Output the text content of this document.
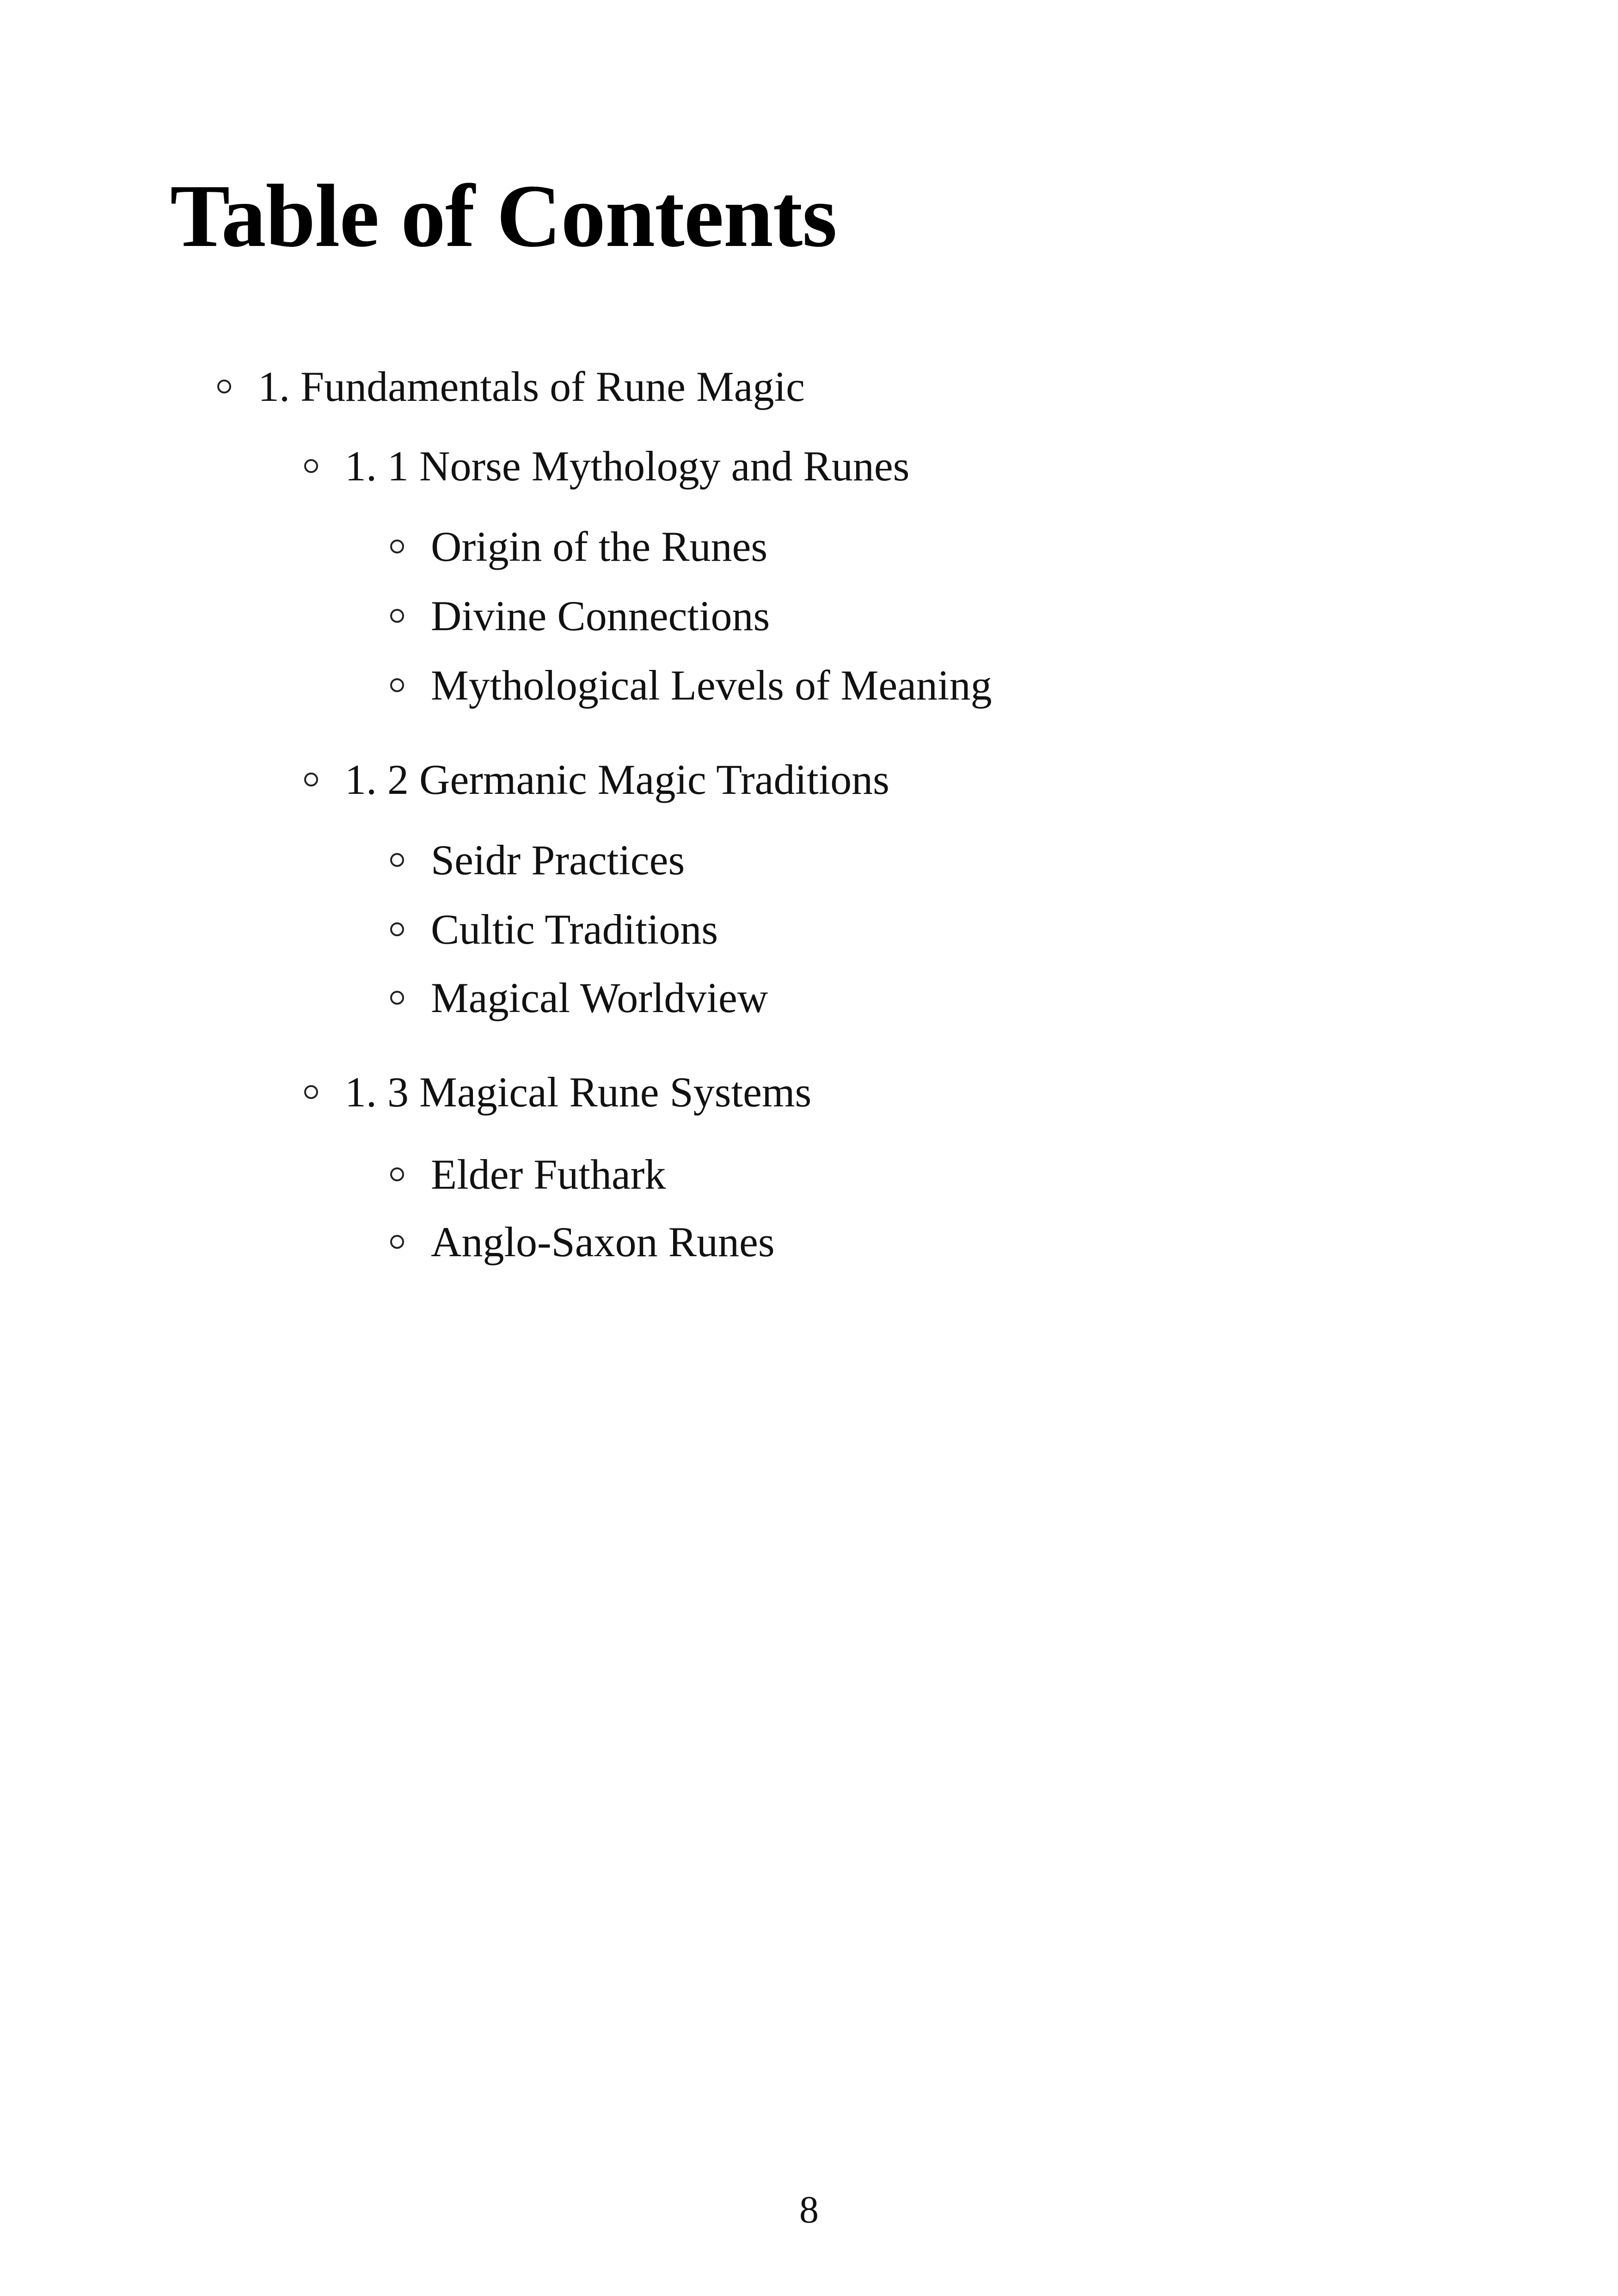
Table of Contents
1. Fundamentals of Rune Magic
1. 1 Norse Mythology and Runes
Origin of the Runes
Divine Connections
Mythological Levels of Meaning
1. 2 Germanic Magic Traditions
Seidr Practices
Cultic Traditions
Magical Worldview
1. 3 Magical Rune Systems
Elder Futhark
Anglo-Saxon Runes
8
